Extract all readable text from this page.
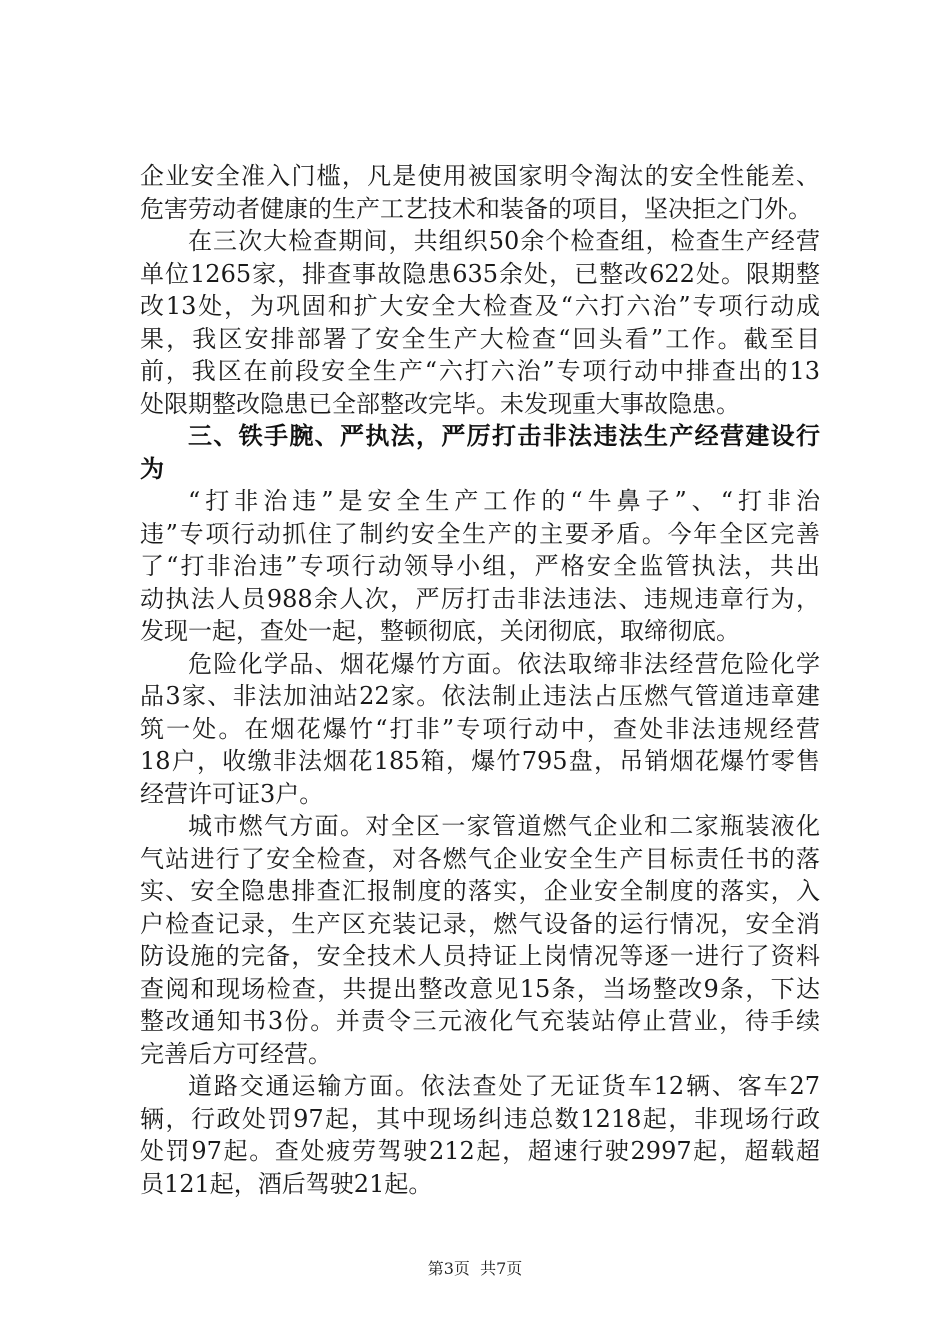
企业安全准入门槛，凡是使用被国家明令淘汰的安全性能差、
危害劳动者健康的生产工艺技术和装备的项目，坚决拒之门外。
在三次大检查期间，共组织50余个检查组，检查生产经营
单位1265家，排查事故隐患635余处，已整改622处。限期整
改13处，为巩固和扩大安全大检查及“六打六治”专项行动成
果，我区安排部署了安全生产大检查“回头看”工作。截至目
前，我区在前段安全生产“六打六治”专项行动中排查出的13
处限期整改隐患已全部整改完毕。未发现重大事故隐患。
三、铁手腕、严执法，严厉打击非法违法生产经营建设行
为
“打非治违”是安全生产工作的“牛鼻子”、“打非治
违”专项行动抓住了制约安全生产的主要矛盾。今年全区完善
了“打非治违”专项行动领导小组，严格安全监管执法，共出
动执法人员988余人次，严厉打击非法违法、违规违章行为，
发现一起，查处一起，整顿彻底，关闭彻底，取缔彻底。
危险化学品、烟花爆竹方面。依法取缔非法经营危险化学
品3家、非法加油站22家。依法制止违法占压燃气管道违章建
筑一处。在烟花爆竹“打非”专项行动中，查处非法违规经营
18户，收缴非法烟花185箱，爆竹795盘，吊销烟花爆竹零售
经营许可证3户。
城市燃气方面。对全区一家管道燃气企业和二家瓶装液化
气站进行了安全检查，对各燃气企业安全生产目标责任书的落
实、安全隐患排查汇报制度的落实，企业安全制度的落实，入
户检查记录，生产区充装记录，燃气设备的运行情况，安全消
防设施的完备，安全技术人员持证上岗情况等逐一进行了资料
查阅和现场检查，共提出整改意见15条，当场整改9条，下达
整改通知书3份。并责令三元液化气充装站停止营业，待手续
完善后方可经营。
道路交通运输方面。依法查处了无证货车12辆、客车27
辆，行政处罚97起，其中现场纠违总数1218起，非现场行政
处罚97起。查处疲劳驾驶212起，超速行驶2997起，超载超
员121起，酒后驾驶21起。
第3页  共7页
